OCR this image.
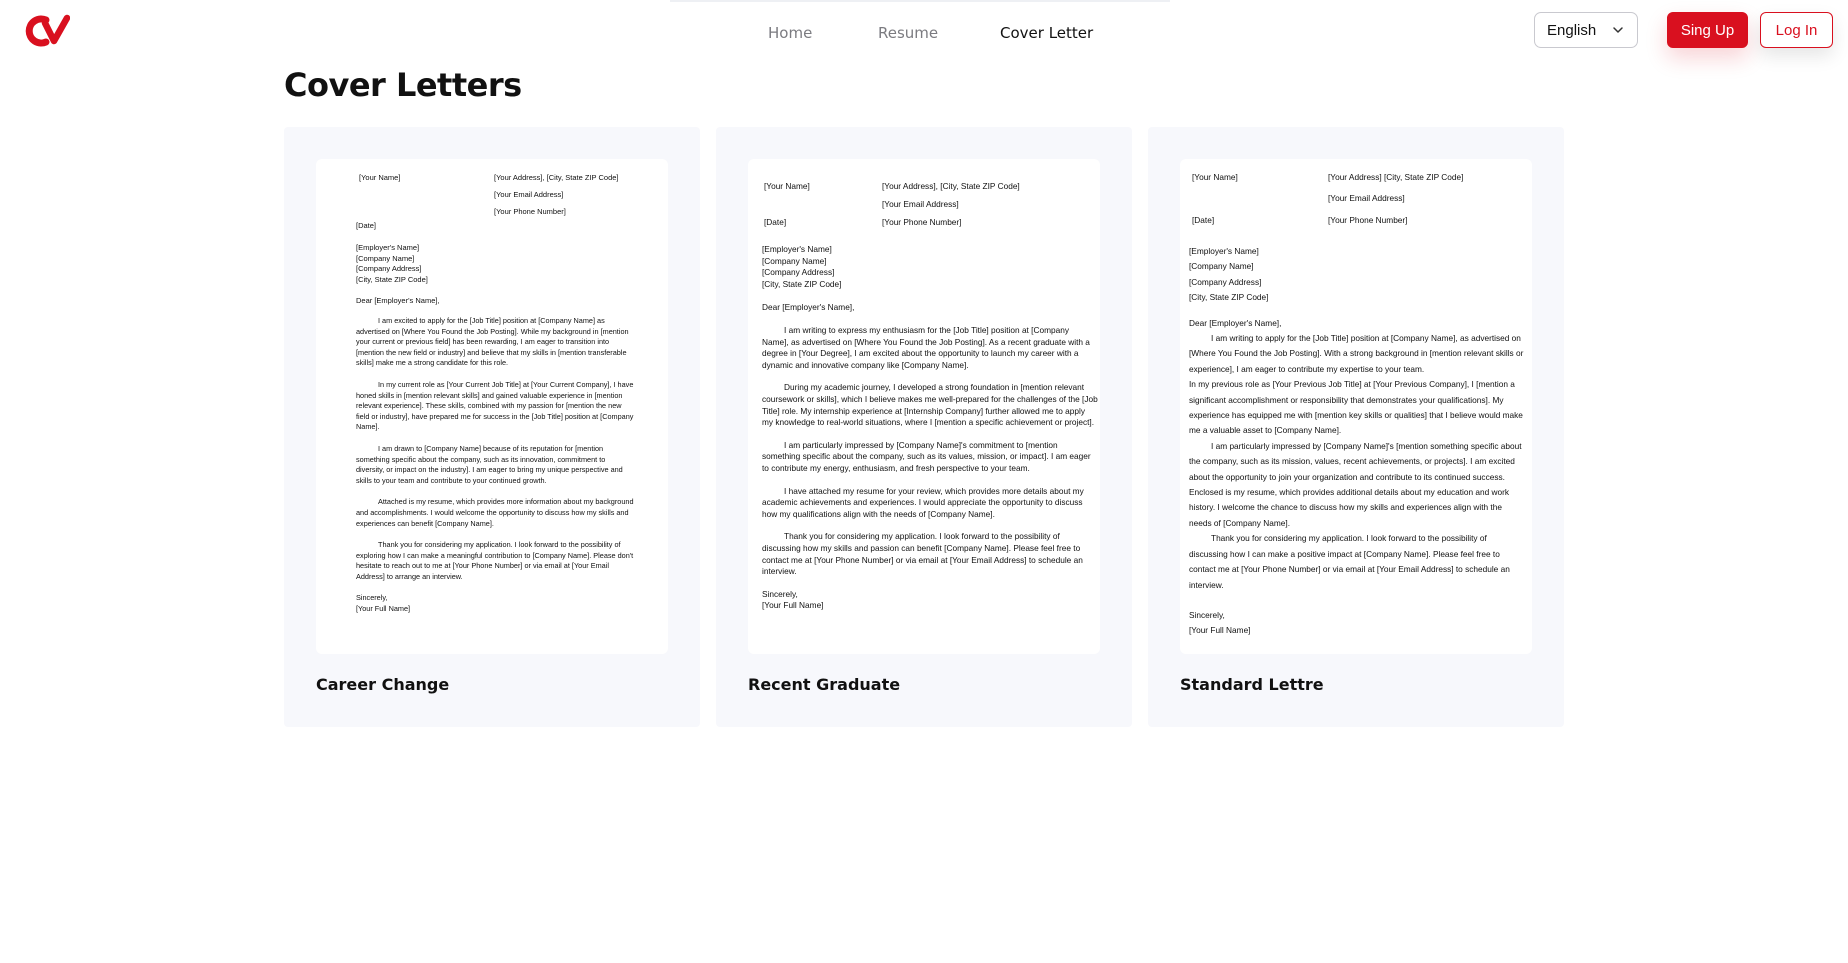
Home	Resume	Cover Letter	English	Sing Up	Log In
Cover Letters
[Your Name]	[Your Address], [City, State ZIP Code]
[Your Email Address]
[Your Phone Number]
[Date]
[Employer's Name]
[Company Name]
[Company Address]
[City, State ZIP Code]
Dear [Employer's Name],

I am excited to apply for the [Job Title] position at [Company Name] as advertised on [Where You Found the Job Posting]. While my background in [mention your current or previous field] has been rewarding, I am eager to transition into [mention the new field or industry] and believe that my skills in [mention transferable skills] make me a strong candidate for this role.

In my current role as [Your Current Job Title] at [Your Current Company], I have honed skills in [mention relevant skills] and gained valuable experience in [mention relevant experience]. These skills, combined with my passion for [mention the new field or industry], have prepared me for success in the [Job Title] position at [Company Name].

I am drawn to [Company Name] because of its reputation for [mention something specific about the company, such as its innovation, commitment to diversity, or impact on the industry]. I am eager to bring my unique perspective and skills to your team and contribute to your continued growth.

Attached is my resume, which provides more information about my background and accomplishments. I would welcome the opportunity to discuss how my skills and experiences can benefit [Company Name].

Thank you for considering my application. I look forward to the possibility of exploring how I can make a meaningful contribution to [Company Name]. Please don't hesitate to reach out to me at [Your Phone Number] or via email at [Your Email Address] to arrange an interview.

Sincerely,

[Your Full Name]

Career Change
[Your Name]	[Your Address], [City, State ZIP Code]
[Your Email Address]
[Date]	[Your Phone Number]
[Employer's Name]
[Company Name]
[Company Address]
[City, State ZIP Code]
Dear [Employer's Name],

I am writing to express my enthusiasm for the [Job Title] position at [Company Name], as advertised on [Where You Found the Job Posting]. As a recent graduate with a degree in [Your Degree], I am excited about the opportunity to launch my career with a dynamic and innovative company like [Company Name].

During my academic journey, I developed a strong foundation in [mention relevant coursework or skills], which I believe makes me well-prepared for the challenges of the [Job Title] role. My internship experience at [Internship Company] further allowed me to apply my knowledge to real-world situations, where I [mention a specific achievement or project].

I am particularly impressed by [Company Name]'s commitment to [mention something specific about the company, such as its values, mission, or impact]. I am eager to contribute my energy, enthusiasm, and fresh perspective to your team.

I have attached my resume for your review, which provides more details about my academic achievements and experiences. I would appreciate the opportunity to discuss how my qualifications align with the needs of [Company Name].

Thank you for considering my application. I look forward to the possibility of discussing how my skills and passion can benefit [Company Name]. Please feel free to contact me at [Your Phone Number] or via email at [Your Email Address] to schedule an interview.

Sincerely,

[Your Full Name]

Recent Graduate
[Your Name]	[Your Address] [City, State ZIP Code]
[Your Email Address]
[Date]	[Your Phone Number]
[Employer's Name]
[Company Name]
[Company Address]
[City, State ZIP Code]
Dear [Employer's Name],

I am writing to apply for the [Job Title] position at [Company Name], as advertised on [Where You Found the Job Posting]. With a strong background in [mention relevant skills or experience], I am eager to contribute my expertise to your team.

In my previous role as [Your Previous Job Title] at [Your Previous Company], I [mention a significant accomplishment or responsibility that demonstrates your qualifications]. My experience has equipped me with [mention key skills or qualities] that I believe would make me a valuable asset to [Company Name].

I am particularly impressed by [Company Name]'s [mention something specific about the company, such as its mission, values, recent achievements, or projects]. I am excited about the opportunity to join your organization and contribute to its continued success.

Enclosed is my resume, which provides additional details about my education and work history. I welcome the chance to discuss how my skills and experiences align with the needs of [Company Name].

Thank you for considering my application. I look forward to the possibility of discussing how I can make a positive impact at [Company Name]. Please feel free to contact me at [Your Phone Number] or via email at [Your Email Address] to schedule an interview.

Sincerely,

[Your Full Name]

Standard Lettre
